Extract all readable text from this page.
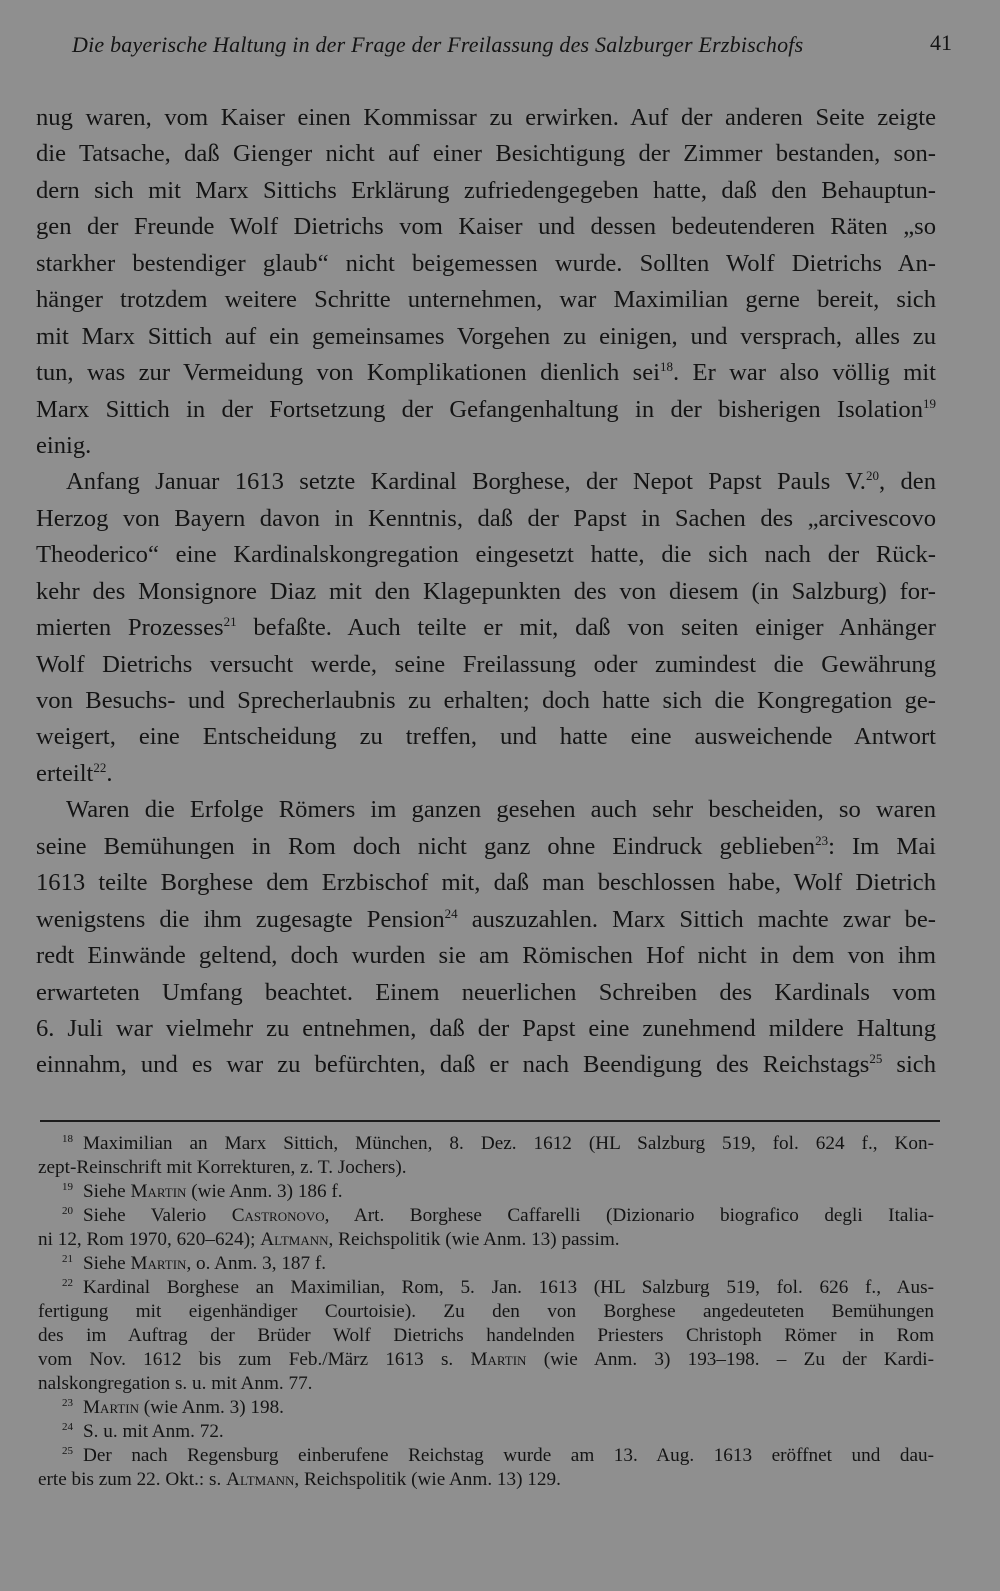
Die bayerische Haltung in der Frage der Freilassung des Salzburger Erzbischofs	41
nug waren, vom Kaiser einen Kommissar zu erwirken. Auf der anderen Seite zeigte
die Tatsache, daß Gienger nicht auf einer Besichtigung der Zimmer bestanden, son-
dern sich mit Marx Sittichs Erklärung zufriedengegeben hatte, daß den Behauptun-
gen der Freunde Wolf Dietrichs vom Kaiser und dessen bedeutenderen Räten „so
starkher bestendiger glaub“ nicht beigemessen wurde. Sollten Wolf Dietrichs An-
hänger trotzdem weitere Schritte unternehmen, war Maximilian gerne bereit, sich
mit Marx Sittich auf ein gemeinsames Vorgehen zu einigen, und versprach, alles zu
tun, was zur Vermeidung von Komplikationen dienlich sei$^{18}$. Er war also völlig mit
Marx Sittich in der Fortsetzung der Gefangenhaltung in der bisherigen Isolation$^{19}$
einig.
Anfang Januar 1613 setzte Kardinal Borghese, der Nepot Papst Pauls V.$^{20}$, den
Herzog von Bayern davon in Kenntnis, daß der Papst in Sachen des „arcivescovo
Theoderico“ eine Kardinalskongregation eingesetzt hatte, die sich nach der Rück-
kehr des Monsignore Diaz mit den Klagepunkten des von diesem (in Salzburg) for-
mierten Prozesses$^{21}$ befaßte. Auch teilte er mit, daß von seiten einiger Anhänger
Wolf Dietrichs versucht werde, seine Freilassung oder zumindest die Gewährung
von Besuchs- und Sprecherlaubnis zu erhalten; doch hatte sich die Kongregation ge-
weigert, eine Entscheidung zu treffen, und hatte eine ausweichende Antwort
erteilt$^{22}$.
Waren die Erfolge Römers im ganzen gesehen auch sehr bescheiden, so waren
seine Bemühungen in Rom doch nicht ganz ohne Eindruck geblieben$^{23}$: Im Mai
1613 teilte Borghese dem Erzbischof mit, daß man beschlossen habe, Wolf Dietrich
wenigstens die ihm zugesagte Pension$^{24}$ auszuzahlen. Marx Sittich machte zwar be-
redt Einwände geltend, doch wurden sie am Römischen Hof nicht in dem von ihm
erwarteten Umfang beachtet. Einem neuerlichen Schreiben des Kardinals vom
6. Juli war vielmehr zu entnehmen, daß der Papst eine zunehmend mildere Haltung
einnahm, und es war zu befürchten, daß er nach Beendigung des Reichstags$^{25}$ sich
$^{18}$ Maximilian an Marx Sittich, München, 8. Dez. 1612 (HL Salzburg 519, fol. 624 f., Kon-
zept-Reinschrift mit Korrekturen, z. T. Jochers).
$^{19}$ Siehe Martin (wie Anm. 3) 186 f.
$^{20}$ Siehe Valerio Castronovo, Art. Borghese Caffarelli (Dizionario biografico degli Italia-
ni 12, Rom 1970, 620–624); Altmann, Reichspolitik (wie Anm. 13) passim.
$^{21}$ Siehe Martin, o. Anm. 3, 187 f.
$^{22}$ Kardinal Borghese an Maximilian, Rom, 5. Jan. 1613 (HL Salzburg 519, fol. 626 f., Aus-
fertigung mit eigenhändiger Courtoisie). Zu den von Borghese angedeuteten Bemühungen
des im Auftrag der Brüder Wolf Dietrichs handelnden Priesters Christoph Römer in Rom
vom Nov. 1612 bis zum Feb./März 1613 s. Martin (wie Anm. 3) 193–198. – Zu der Kardi-
nalskongregation s. u. mit Anm. 77.
$^{23}$ Martin (wie Anm. 3) 198.
$^{24}$ S. u. mit Anm. 72.
$^{25}$ Der nach Regensburg einberufene Reichstag wurde am 13. Aug. 1613 eröffnet und dau-
erte bis zum 22. Okt.: s. Altmann, Reichspolitik (wie Anm. 13) 129.
